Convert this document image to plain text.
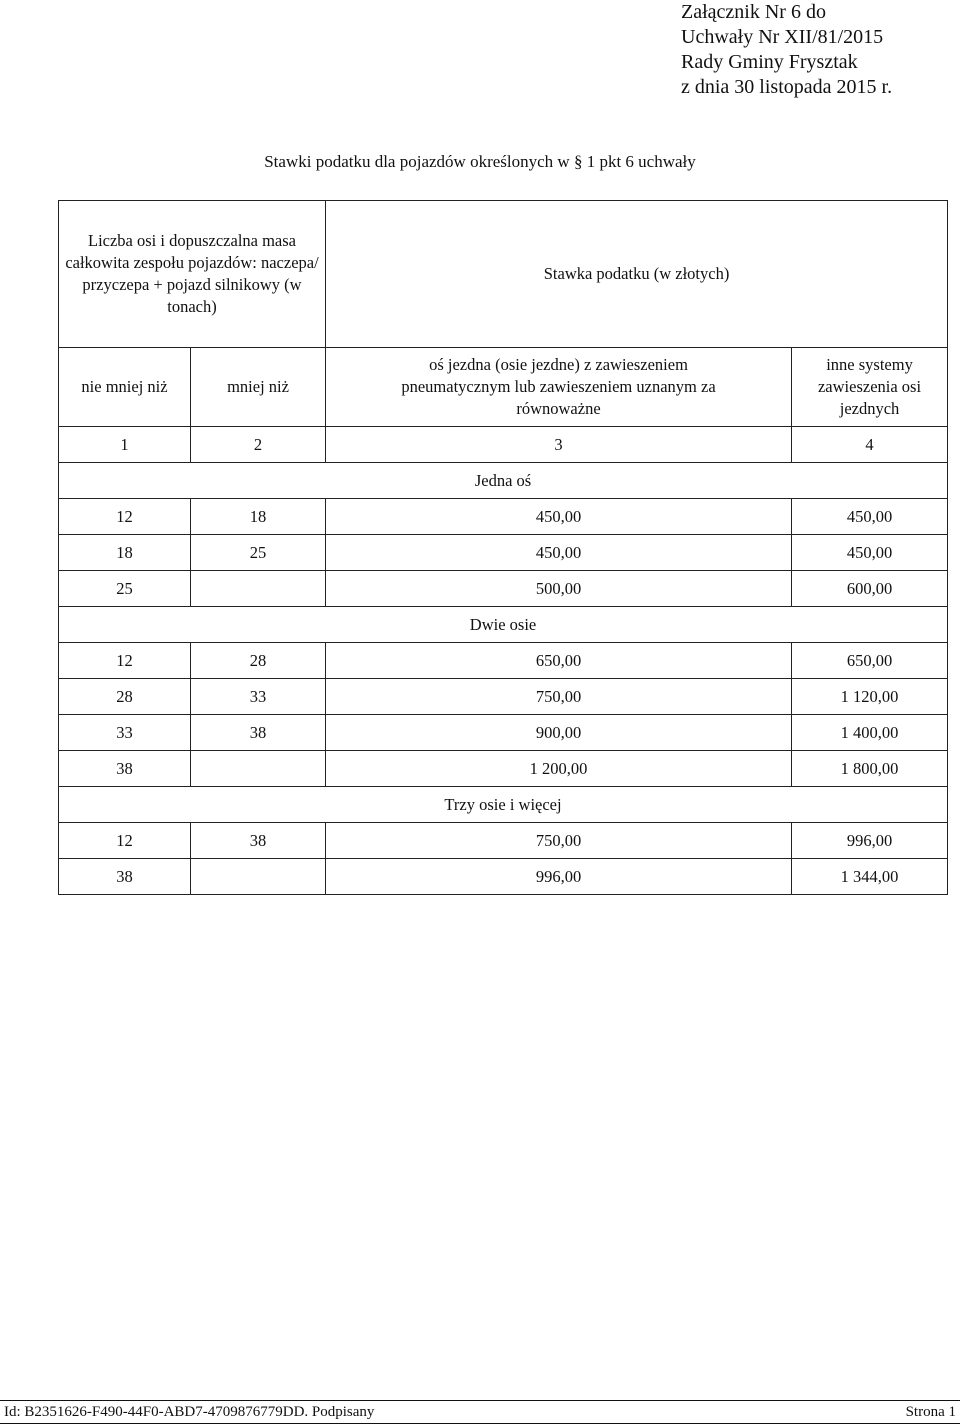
Załącznik Nr 6 do
Uchwały Nr XII/81/2015
Rady Gminy Frysztak
z dnia 30 listopada 2015 r.
Stawki podatku dla pojazdów określonych w § 1 pkt 6 uchwały
Liczba osi i dopuszczalna masa całkowita zespołu pojazdów: naczepa/ przyczepa + pojazd silnikowy (w tonach)		Stawka podatku (w złotych)	
nie mniej niż	mniej niż	oś jezdna (osie jezdne) z zawieszeniem pneumatycznym lub zawieszeniem uznanym za równoważne	inne systemy zawieszenia osi jezdnych
1	2	3	4
Jedna oś			
12	18	450,00	450,00
18	25	450,00	450,00
25		500,00	600,00
Dwie osie			
12	28	650,00	650,00
28	33	750,00	1 120,00
33	38	900,00	1 400,00
38		1 200,00	1 800,00
Trzy osie i więcej			
12	38	750,00	996,00
38		996,00	1 344,00
Id: B2351626-F490-44F0-ABD7-4709876779DD. Podpisany	Strona 1
